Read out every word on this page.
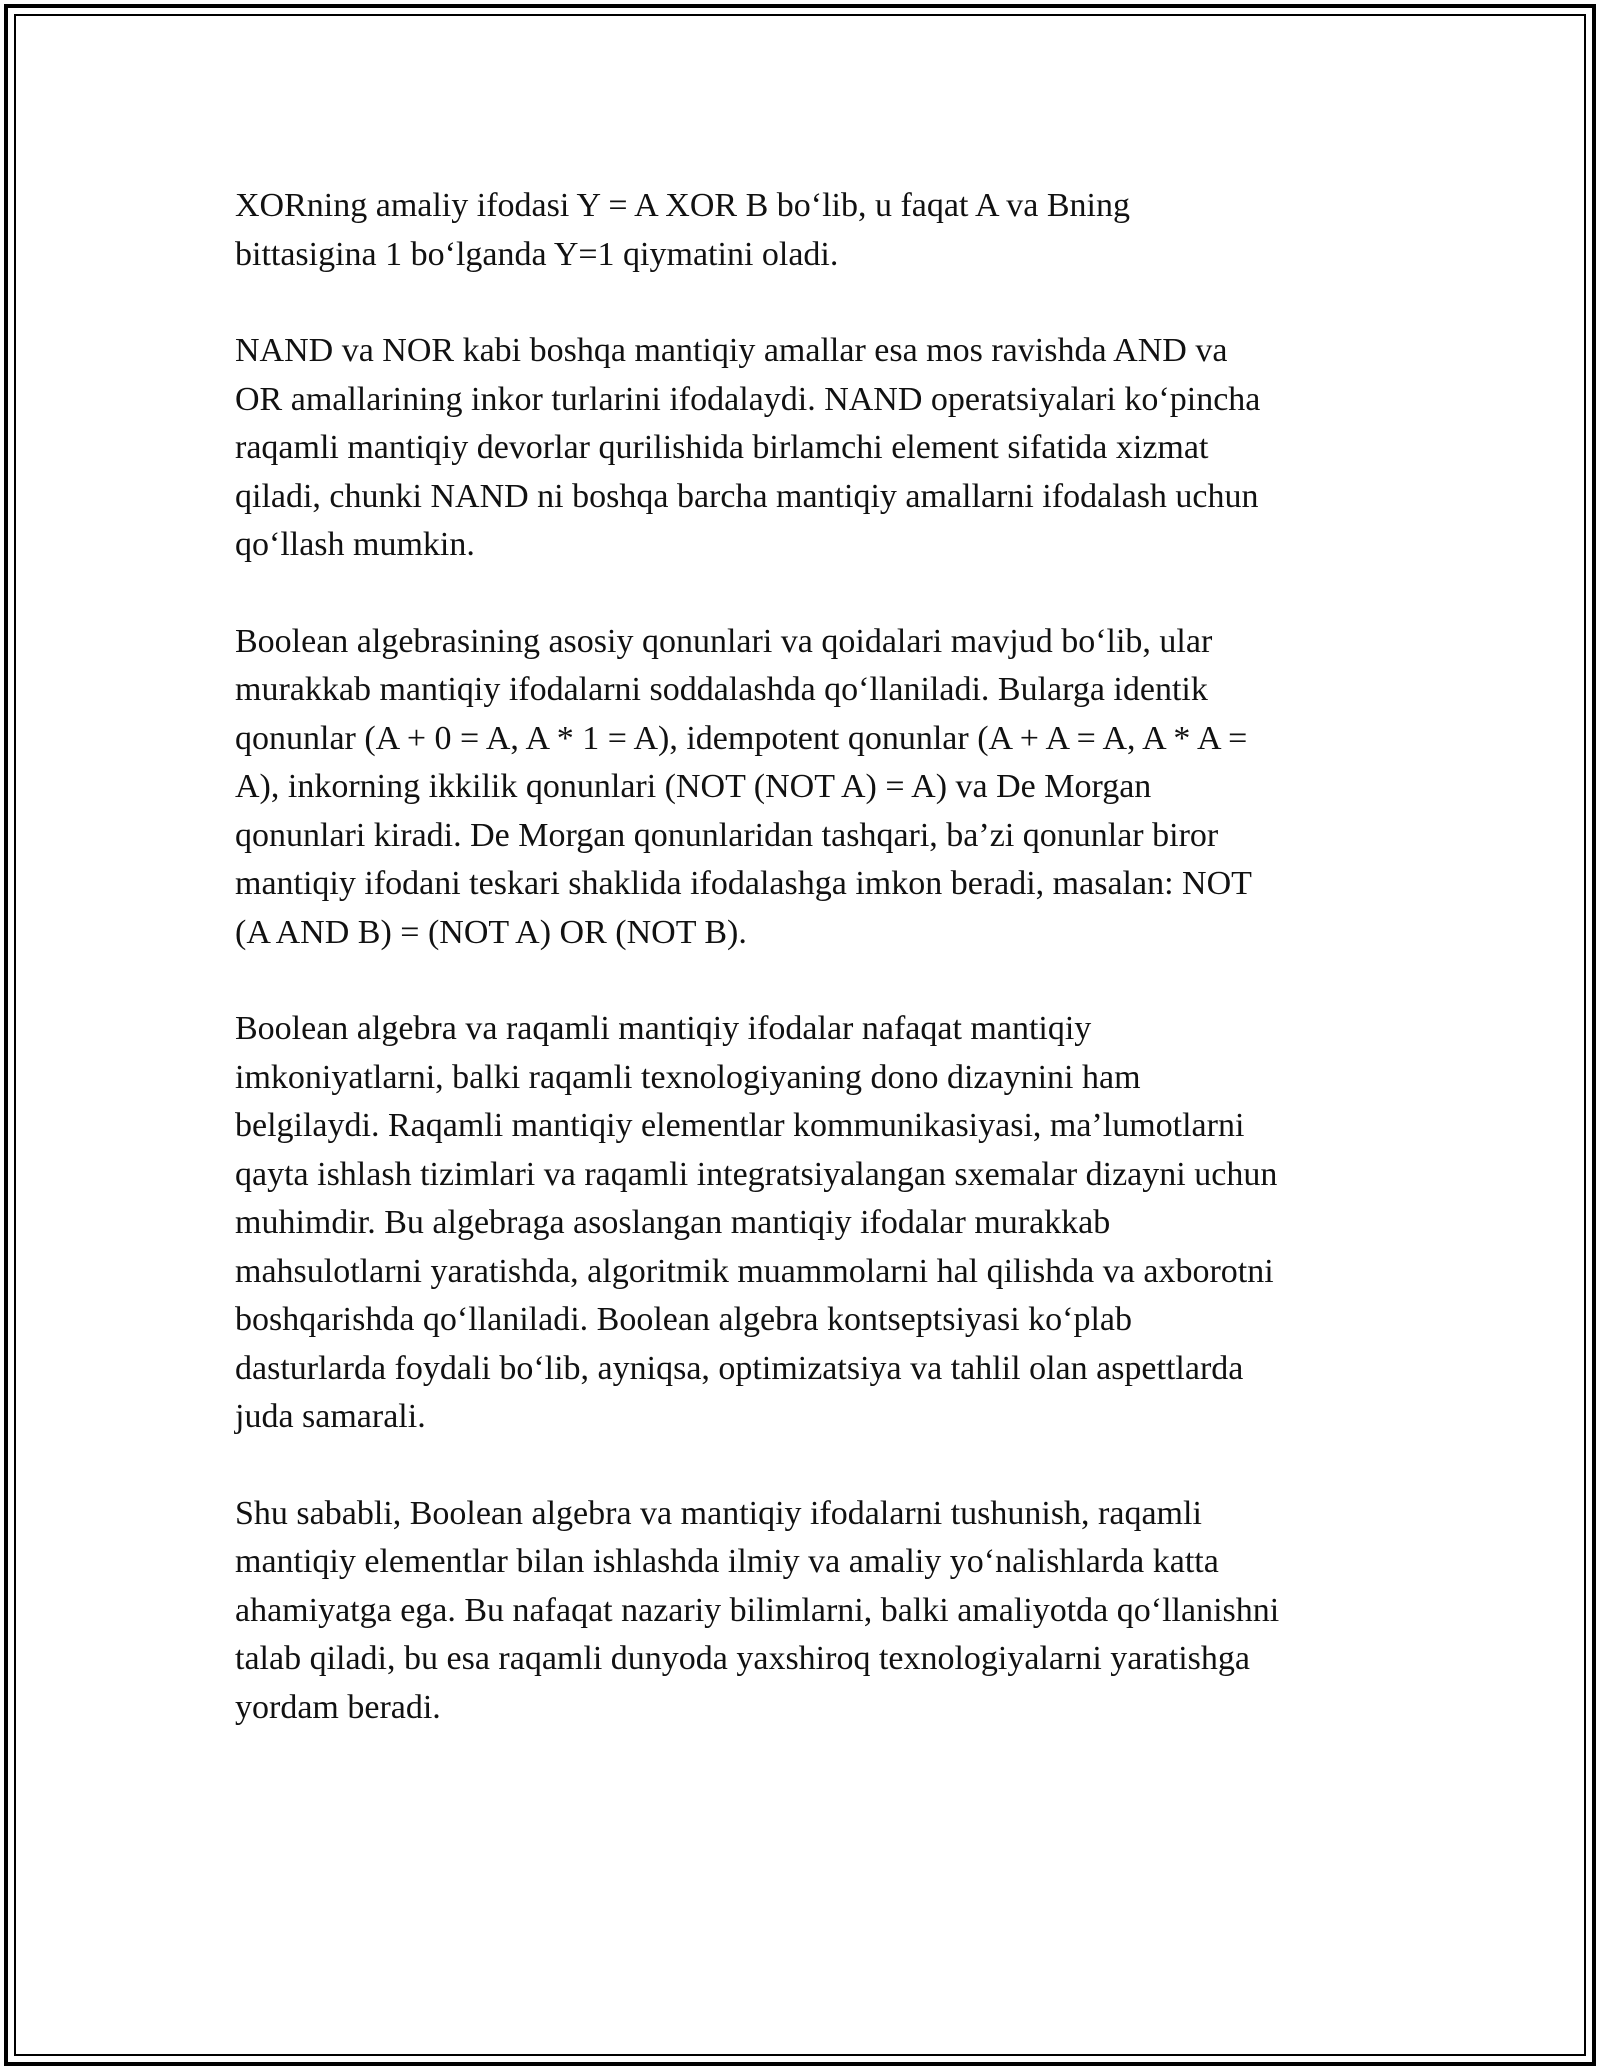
XORning amaliy ifodasi Y = A XOR B bo‘lib, u faqat A va Bning
bittasigina 1 bo‘lganda Y=1 qiymatini oladi.

NAND va NOR kabi boshqa mantiqiy amallar esa mos ravishda AND va
OR amallarining inkor turlarini ifodalaydi. NAND operatsiyalari ko‘pincha
raqamli mantiqiy devorlar qurilishida birlamchi element sifatida xizmat
qiladi, chunki NAND ni boshqa barcha mantiqiy amallarni ifodalash uchun
qo‘llash mumkin.

Boolean algebrasining asosiy qonunlari va qoidalari mavjud bo‘lib, ular
murakkab mantiqiy ifodalarni soddalashda qo‘llaniladi. Bularga identik
qonunlar (A + 0 = A, A * 1 = A), idempotent qonunlar (A + A = A, A * A =
A), inkorning ikkilik qonunlari (NOT (NOT A) = A) va De Morgan
qonunlari kiradi. De Morgan qonunlaridan tashqari, ba’zi qonunlar biror
mantiqiy ifodani teskari shaklida ifodalashga imkon beradi, masalan: NOT
(A AND B) = (NOT A) OR (NOT B).

Boolean algebra va raqamli mantiqiy ifodalar nafaqat mantiqiy
imkoniyatlarni, balki raqamli texnologiyaning dono dizaynini ham
belgilaydi. Raqamli mantiqiy elementlar kommunikasiyasi, ma’lumotlarni
qayta ishlash tizimlari va raqamli integratsiyalangan sxemalar dizayni uchun
muhimdir. Bu algebraga asoslangan mantiqiy ifodalar murakkab
mahsulotlarni yaratishda, algoritmik muammolarni hal qilishda va axborotni
boshqarishda qo‘llaniladi. Boolean algebra kontseptsiyasi ko‘plab
dasturlarda foydali bo‘lib, ayniqsa, optimizatsiya va tahlil olan aspettlarda
juda samarali.

Shu sababli, Boolean algebra va mantiqiy ifodalarni tushunish, raqamli
mantiqiy elementlar bilan ishlashda ilmiy va amaliy yo‘nalishlarda katta
ahamiyatga ega. Bu nafaqat nazariy bilimlarni, balki amaliyotda qo‘llanishni
talab qiladi, bu esa raqamli dunyoda yaxshiroq texnologiyalarni yaratishga
yordam beradi.
